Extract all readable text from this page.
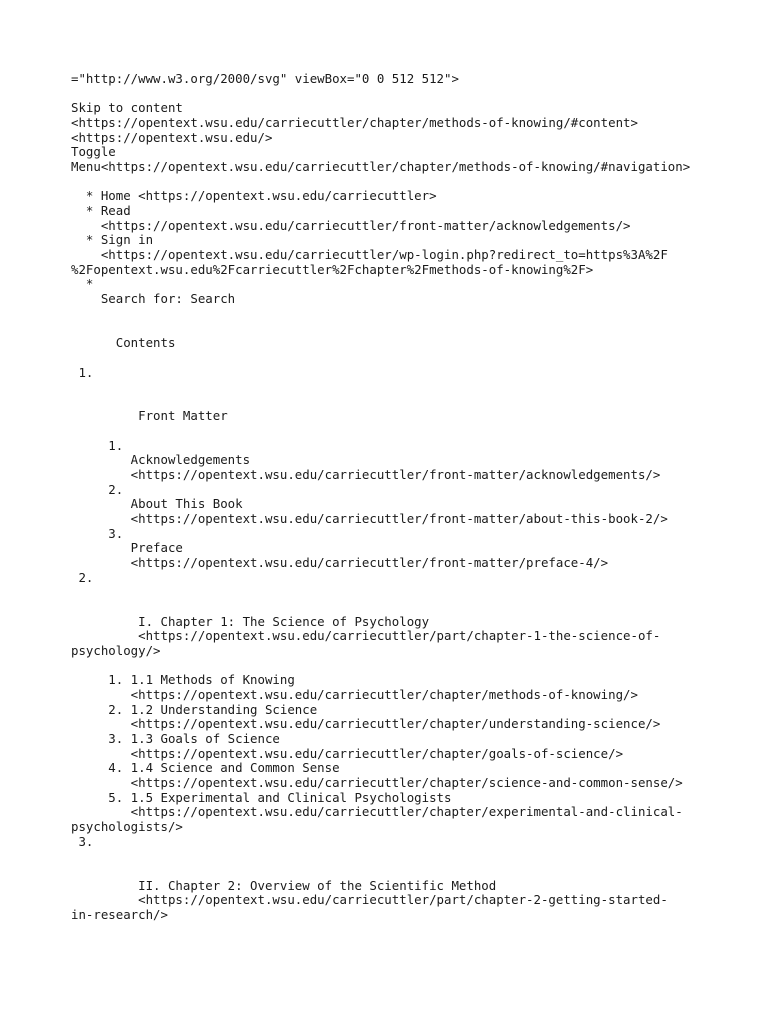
="http://www.w3.org/2000/svg" viewBox="0 0 512 512">
Skip to content
<https://opentext.wsu.edu/carriecuttler/chapter/methods-of-knowing/#content>
<https://opentext.wsu.edu/>
Toggle
Menu<https://opentext.wsu.edu/carriecuttler/chapter/methods-of-knowing/#navigation>
* Home <https://opentext.wsu.edu/carriecuttler>
* Read
<https://opentext.wsu.edu/carriecuttler/front-matter/acknowledgements/>
* Sign in
<https://opentext.wsu.edu/carriecuttler/wp-login.php?redirect_to=https%3A%2F
%2Fopentext.wsu.edu%2Fcarriecuttler%2Fchapter%2Fmethods-of-knowing%2F>
*
Search for: Search
Contents
1.
Front Matter
1.
Acknowledgements
<https://opentext.wsu.edu/carriecuttler/front-matter/acknowledgements/>
2.
About This Book
<https://opentext.wsu.edu/carriecuttler/front-matter/about-this-book-2/>
3.
Preface
<https://opentext.wsu.edu/carriecuttler/front-matter/preface-4/>
2.
I. Chapter 1: The Science of Psychology
<https://opentext.wsu.edu/carriecuttler/part/chapter-1-the-science-of-
psychology/>
1. 1.1 Methods of Knowing
<https://opentext.wsu.edu/carriecuttler/chapter/methods-of-knowing/>
2. 1.2 Understanding Science
<https://opentext.wsu.edu/carriecuttler/chapter/understanding-science/>
3. 1.3 Goals of Science
<https://opentext.wsu.edu/carriecuttler/chapter/goals-of-science/>
4. 1.4 Science and Common Sense
<https://opentext.wsu.edu/carriecuttler/chapter/science-and-common-sense/>
5. 1.5 Experimental and Clinical Psychologists
<https://opentext.wsu.edu/carriecuttler/chapter/experimental-and-clinical-
psychologists/>
3.
II. Chapter 2: Overview of the Scientific Method
<https://opentext.wsu.edu/carriecuttler/part/chapter-2-getting-started-
in-research/>
